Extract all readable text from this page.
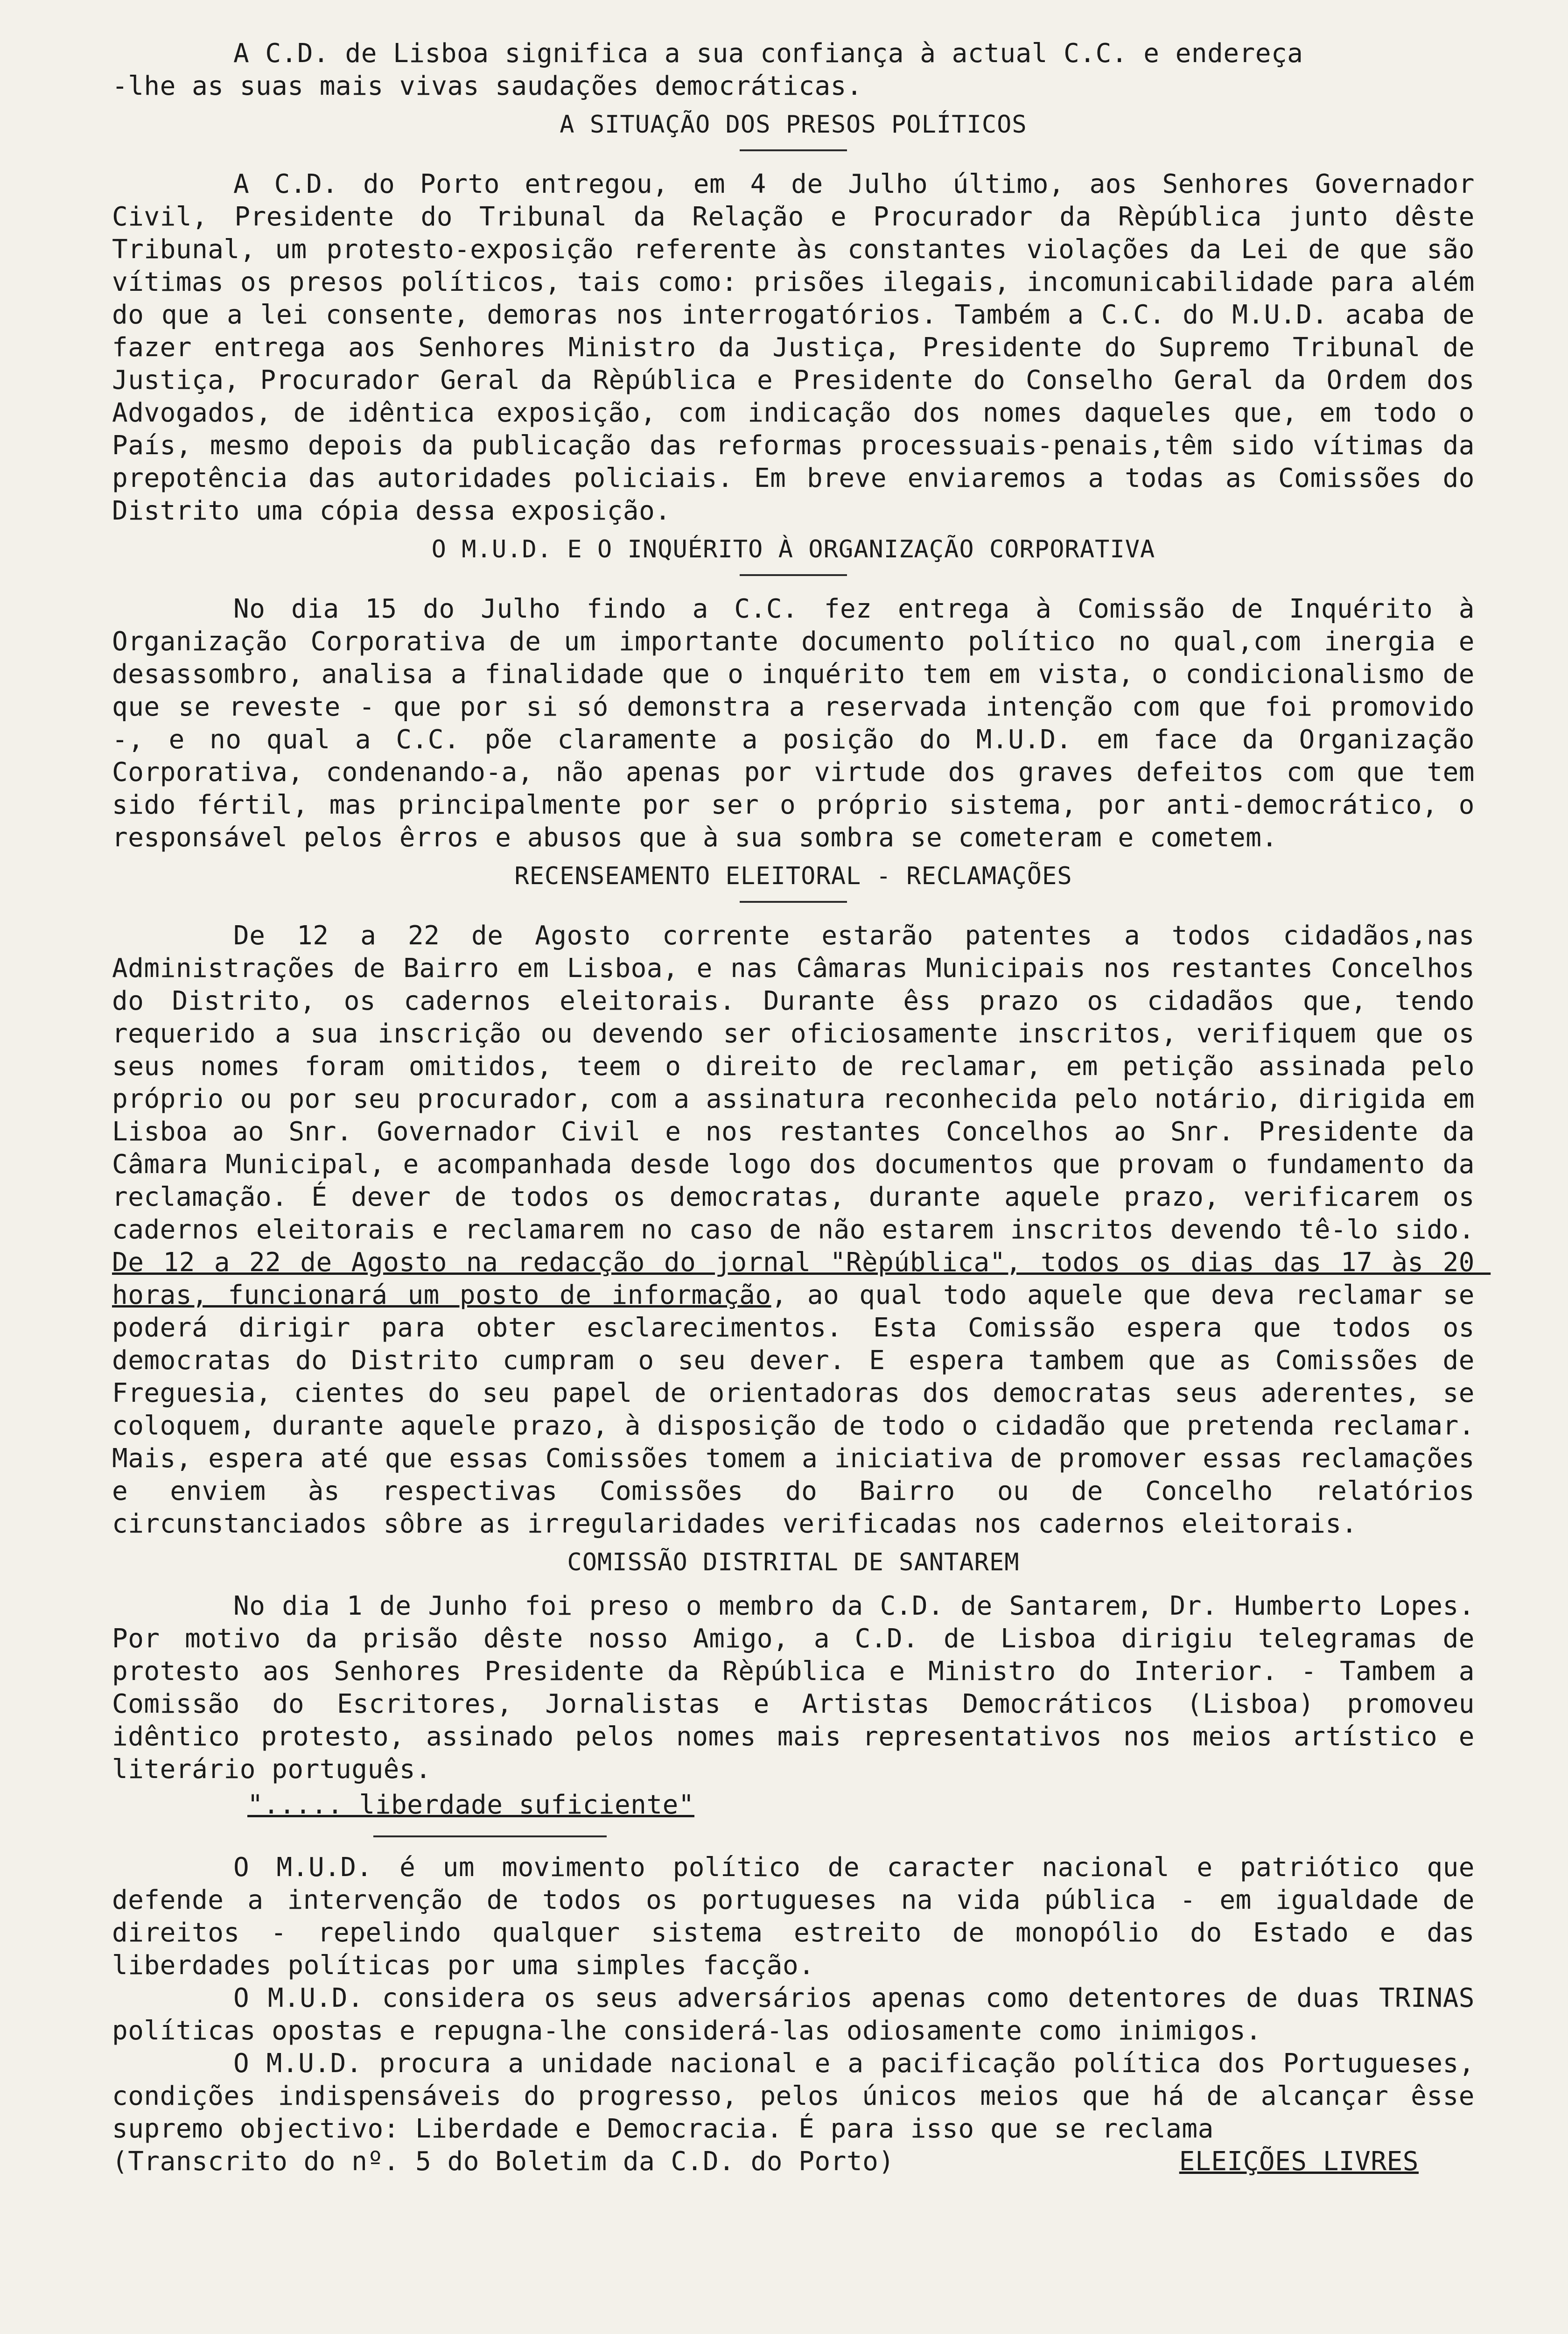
A C.D. de Lisboa significa a sua confiança à actual C.C. e endereça

-lhe as suas mais vivas saudações democráticas.

A SITUAÇÃO DOS PRESOS POLÍTICOS

A C.D. do Porto entregou, em 4 de Julho último, aos Senhores Governador Civil, Presidente do Tribunal da Relação e Procurador da Rèpública junto dêste Tribunal, um protesto-exposição referente às constantes violações da Lei de que são vítimas os presos políticos, tais como: prisões ilegais, incomunicabilidade para além do que a lei consente, demoras nos interrogatórios. Também a C.C. do M.U.D. acaba de fazer entrega aos Senhores Ministro da Justiça, Presidente do Supremo Tribunal de Justiça, Procurador Geral da Rèpública e Presidente do Conselho Geral da Ordem dos Advogados, de idêntica exposição, com indicação dos nomes daqueles que, em todo o País, mesmo depois da publicação das reformas processuais-penais,têm sido vítimas da prepotência das autoridades policiais. Em breve enviaremos a todas as Comissões do Distrito uma cópia dessa exposição.

O M.U.D. E O INQUÉRITO À ORGANIZAÇÃO CORPORATIVA

No dia 15 do Julho findo a C.C. fez entrega à Comissão de Inquérito à Organização Corporativa de um importante documento político no qual,com inergia e desassombro, analisa a finalidade que o inquérito tem em vista, o condicionalismo de que se reveste - que por si só demonstra a reservada intenção com que foi promovido -, e no qual a C.C. põe claramente a posição do M.U.D. em face da Organização Corporativa, condenando-a, não apenas por virtude dos graves defeitos com que tem sido fértil, mas principalmente por ser o próprio sistema, por anti-democrático, o responsável pelos êrros e abusos que à sua sombra se cometeram e cometem.

RECENSEAMENTO ELEITORAL - RECLAMAÇÕES

De 12 a 22 de Agosto corrente estarão patentes a todos cidadãos,nas Administrações de Bairro em Lisboa, e nas Câmaras Municipais nos restantes Concelhos do Distrito, os cadernos eleitorais. Durante êss prazo os cidadãos que, tendo requerido a sua inscrição ou devendo ser oficiosamente inscritos, verifiquem que os seus nomes foram omitidos, teem o direito de reclamar, em petição assinada pelo próprio ou por seu procurador, com a assinatura reconhecida pelo notário, dirigida em Lisboa ao Snr. Governador Civil e nos restantes Concelhos ao Snr. Presidente da Câmara Municipal, e acompanhada desde logo dos documentos que provam o fundamento da reclamação. É dever de todos os democratas, durante aquele prazo, verificarem os cadernos eleitorais e reclamarem no caso de não estarem inscritos devendo tê-lo sido. De 12 a 22 de Agosto na redacção do jornal "Rèpública", todos os dias das 17 às 20 horas, funcionará um posto de informação, ao qual todo aquele que deva reclamar se poderá dirigir para obter esclarecimentos. Esta Comissão espera que todos os democratas do Distrito cumpram o seu dever. E espera tambem que as Comissões de Freguesia, cientes do seu papel de orientadoras dos democratas seus aderentes, se coloquem, durante aquele prazo, à disposição de todo o cidadão que pretenda reclamar. Mais, espera até que essas Comissões tomem a iniciativa de promover essas reclamações e enviem às respectivas Comissões do Bairro ou de Concelho relatórios circunstanciados sôbre as irregularidades verificadas nos cadernos eleitorais.

COMISSÃO DISTRITAL DE SANTAREM

No dia 1 de Junho foi preso o membro da C.D. de Santarem, Dr. Humberto Lopes. Por motivo da prisão dêste nosso Amigo, a C.D. de Lisboa dirigiu telegramas de protesto aos Senhores Presidente da Rèpública e Ministro do Interior. - Tambem a Comissão do Escritores, Jornalistas e Artistas Democráticos (Lisboa) promoveu idêntico protesto, assinado pelos nomes mais representativos nos meios artístico e literário português.

"..... liberdade suficiente"

O M.U.D. é um movimento político de caracter nacional e patriótico que defende a intervenção de todos os portugueses na vida pública - em igualdade de direitos - repelindo qualquer sistema estreito de monopólio do Estado e das liberdades políticas por uma simples facção.

O M.U.D. considera os seus adversários apenas como detentores de duas TRINAS políticas opostas e repugna-lhe considerá-las odiosamente como inimigos.

O M.U.D. procura a unidade nacional e a pacificação política dos Portugueses, condições indispensáveis do progresso, pelos únicos meios que há de alcançar êsse supremo objectivo: Liberdade e Democracia. É para isso que se reclama

(Transcrito do nº. 5 do Boletim da C.D. do Porto)	ELEIÇÕES LIVRES
